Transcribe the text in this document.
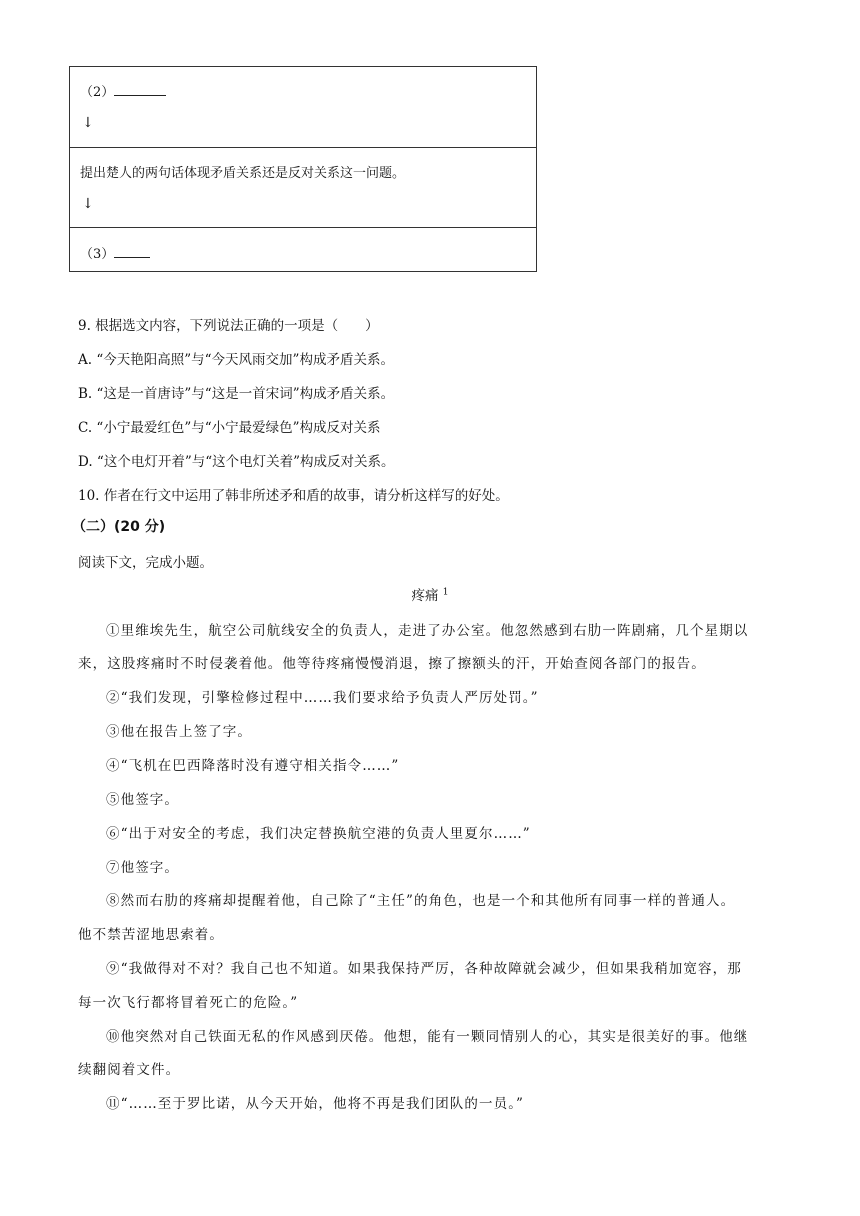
（2）
↓
提出楚人的两句话体现矛盾关系还是反对关系这一问题。
↓
（3）
9. 根据选文内容，下列说法正确的一项是（　　）
A. “今天艳阳高照”与“今天风雨交加”构成矛盾关系。
B. “这是一首唐诗”与“这是一首宋词”构成矛盾关系。
C. “小宁最爱红色”与“小宁最爱绿色”构成反对关系
D. “这个电灯开着”与“这个电灯关着”构成反对关系。
10. 作者在行文中运用了韩非所述矛和盾的故事，请分析这样写的好处。
（二）(20 分)
阅读下文，完成小题。
疼痛 $^1$
①里维埃先生，航空公司航线安全的负责人，走进了办公室。他忽然感到右肋一阵剧痛，几个星期以
来，这股疼痛时不时侵袭着他。他等待疼痛慢慢消退，擦了擦额头的汗，开始查阅各部门的报告。
②“我们发现，引擎检修过程中……我们要求给予负责人严厉处罚。”
③他在报告上签了字。
④“飞机在巴西降落时没有遵守相关指令……”
⑤他签字。
⑥“出于对安全的考虑，我们决定替换航空港的负责人里夏尔……”
⑦他签字。
⑧然而右肋的疼痛却提醒着他，自己除了“主任”的角色，也是一个和其他所有同事一样的普通人。
他不禁苦涩地思索着。
⑨“我做得对不对？我自己也不知道。如果我保持严厉，各种故障就会减少，但如果我稍加宽容，那
每一次飞行都将冒着死亡的危险。”
⑩他突然对自己铁面无私的作风感到厌倦。他想，能有一颗同情别人的心，其实是很美好的事。他继
续翻阅着文件。
⑪“……至于罗比诺，从今天开始，他将不再是我们团队的一员。”
